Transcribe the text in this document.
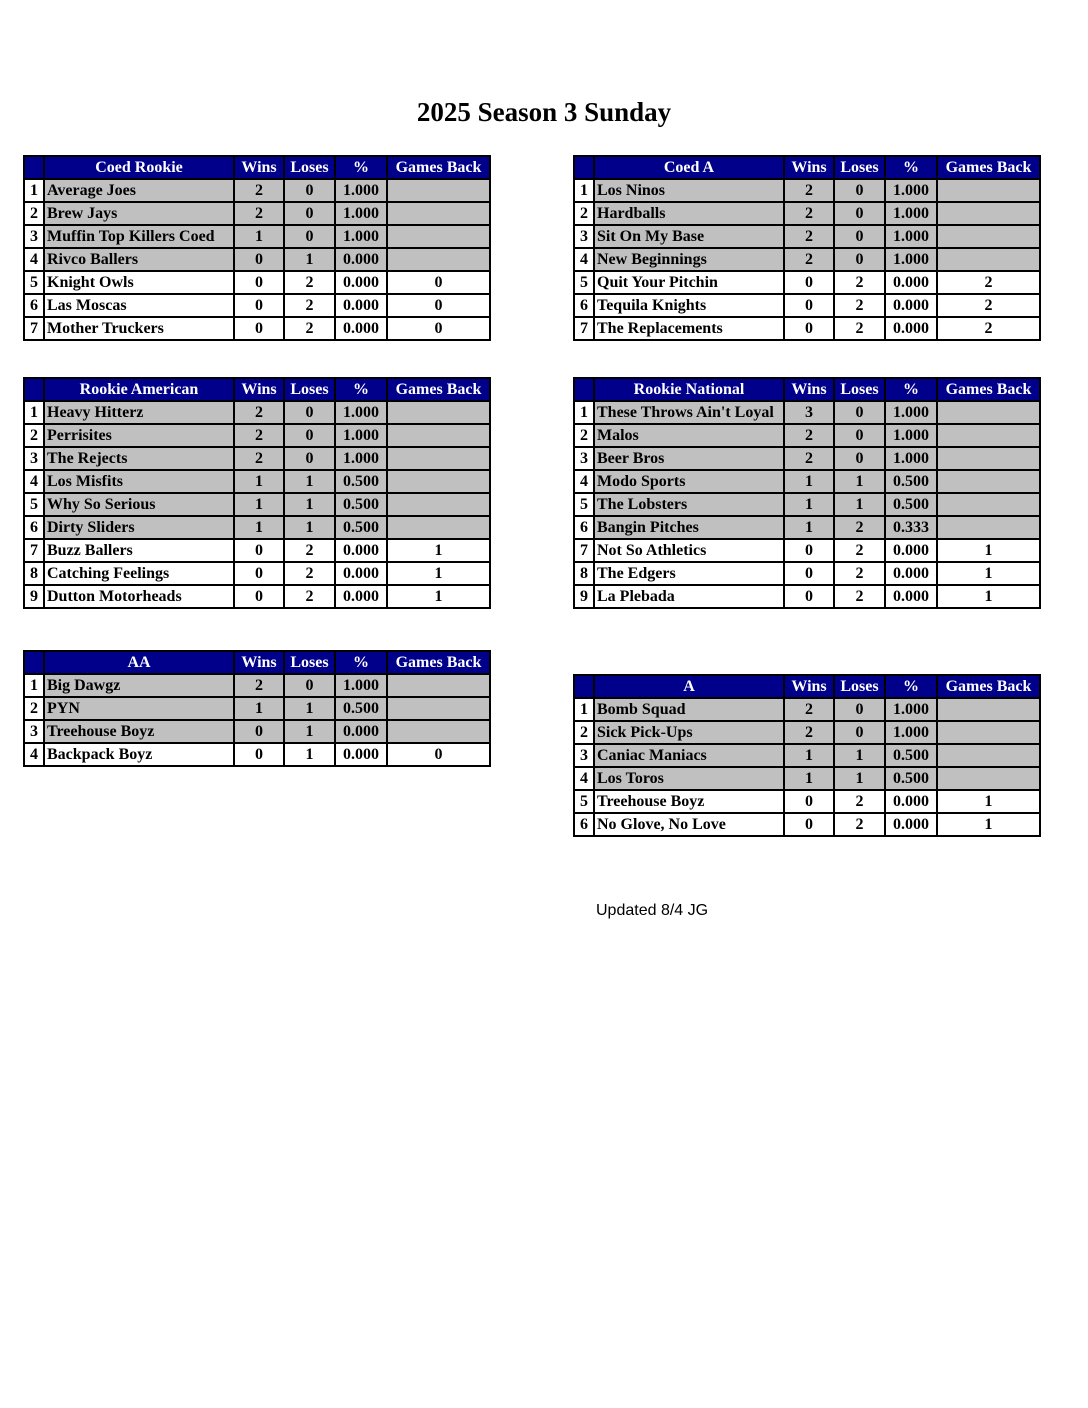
2025 Season 3 Sunday
	Coed Rookie	Wins	Loses	%	Games Back
1	Average Joes	2	0	1.000	
2	Brew Jays	2	0	1.000	
3	Muffin Top Killers Coed	1	0	1.000	
4	Rivco Ballers	0	1	0.000	
5	Knight Owls	0	2	0.000	0
6	Las Moscas	0	2	0.000	0
7	Mother Truckers	0	2	0.000	0
	Coed A	Wins	Loses	%	Games Back
1	Los Ninos	2	0	1.000	
2	Hardballs	2	0	1.000	
3	Sit On My Base	2	0	1.000	
4	New Beginnings	2	0	1.000	
5	Quit Your Pitchin	0	2	0.000	2
6	Tequila Knights	0	2	0.000	2
7	The Replacements	0	2	0.000	2
	Rookie American	Wins	Loses	%	Games Back
1	Heavy Hitterz	2	0	1.000	
2	Perrisites	2	0	1.000	
3	The Rejects	2	0	1.000	
4	Los Misfits	1	1	0.500	
5	Why So Serious	1	1	0.500	
6	Dirty Sliders	1	1	0.500	
7	Buzz Ballers	0	2	0.000	1
8	Catching Feelings	0	2	0.000	1
9	Dutton Motorheads	0	2	0.000	1
	Rookie National	Wins	Loses	%	Games Back
1	These Throws Ain't Loyal	3	0	1.000	
2	Malos	2	0	1.000	
3	Beer Bros	2	0	1.000	
4	Modo Sports	1	1	0.500	
5	The Lobsters	1	1	0.500	
6	Bangin Pitches	1	2	0.333	
7	Not So Athletics	0	2	0.000	1
8	The Edgers	0	2	0.000	1
9	La Plebada	0	2	0.000	1
	AA	Wins	Loses	%	Games Back
1	Big Dawgz	2	0	1.000	
2	PYN	1	1	0.500	
3	Treehouse Boyz	0	1	0.000	
4	Backpack Boyz	0	1	0.000	0
	A	Wins	Loses	%	Games Back
1	Bomb Squad	2	0	1.000	
2	Sick Pick-Ups	2	0	1.000	
3	Caniac Maniacs	1	1	0.500	
4	Los Toros	1	1	0.500	
5	Treehouse Boyz	0	2	0.000	1
6	No Glove, No Love	0	2	0.000	1
Updated 8/4 JG
